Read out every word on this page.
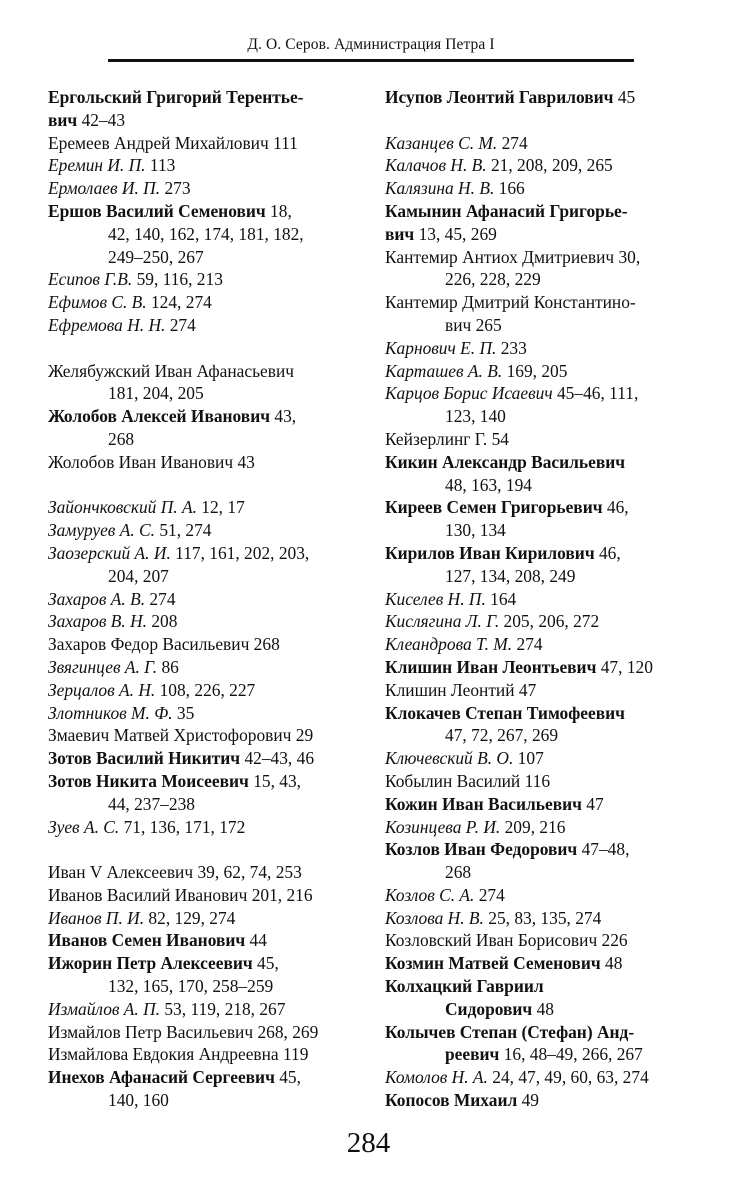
Д. О. Серов. Администрация Петра I
Ергольский Григорий Терентье-
вич 42–43
Еремеев Андрей Михайлович 111
Еремин И. П. 113
Ермолаев И. П. 273
Ершов Василий Семенович 18,
42, 140, 162, 174, 181, 182,
249–250, 267
Есипов Г.В. 59, 116, 213
Ефимов С. В. 124, 274
Ефремова Н. Н. 274
Желябужский Иван Афанасьевич
181, 204, 205
Жолобов Алексей Иванович 43,
268
Жолобов Иван Иванович 43
Зайончковский П. А. 12, 17
Замуруев А. С. 51, 274
Заозерский А. И. 117, 161, 202, 203,
204, 207
Захаров А. В. 274
Захаров В. Н. 208
Захаров Федор Васильевич 268
Звягинцев А. Г. 86
Зерцалов А. Н. 108, 226, 227
Злотников М. Ф. 35
Змаевич Матвей Христофорович 29
Зотов Василий Никитич 42–43, 46
Зотов Никита Моисеевич 15, 43,
44, 237–238
Зуев А. С. 71, 136, 171, 172
Иван V Алексеевич 39, 62, 74, 253
Иванов Василий Иванович 201, 216
Иванов П. И. 82, 129, 274
Иванов Семен Иванович 44
Ижорин Петр Алексеевич 45,
132, 165, 170, 258–259
Измайлов А. П. 53, 119, 218, 267
Измайлов Петр Васильевич 268, 269
Измайлова Евдокия Андреевна 119
Инехов Афанасий Сергеевич 45,
140, 160
Исупов Леонтий Гаврилович 45
Казанцев С. М. 274
Калачов Н. В. 21, 208, 209, 265
Калязина Н. В. 166
Камынин Афанасий Григорье-
вич 13, 45, 269
Кантемир Антиох Дмитриевич 30,
226, 228, 229
Кантемир Дмитрий Константино-
вич 265
Карнович Е. П. 233
Карташев А. В. 169, 205
Карцов Борис Исаевич 45–46, 111,
123, 140
Кейзерлинг Г. 54
Кикин Александр Васильевич
48, 163, 194
Киреев Семен Григорьевич 46,
130, 134
Кирилов Иван Кирилович 46,
127, 134, 208, 249
Киселев Н. П. 164
Кислягина Л. Г. 205, 206, 272
Клеандрова Т. М. 274
Клишин Иван Леонтьевич 47, 120
Клишин Леонтий 47
Клокачев Степан Тимофеевич
47, 72, 267, 269
Ключевский В. О. 107
Кобылин Василий 116
Кожин Иван Васильевич 47
Козинцева Р. И. 209, 216
Козлов Иван Федорович 47–48,
268
Козлов С. А. 274
Козлова Н. В. 25, 83, 135, 274
Козловский Иван Борисович 226
Козмин Матвей Семенович 48
Колхацкий Гавриил
Сидорович 48
Колычев Степан (Стефан) Анд-
реевич 16, 48–49, 266, 267
Комолов Н. А. 24, 47, 49, 60, 63, 274
Копосов Михаил 49
284
